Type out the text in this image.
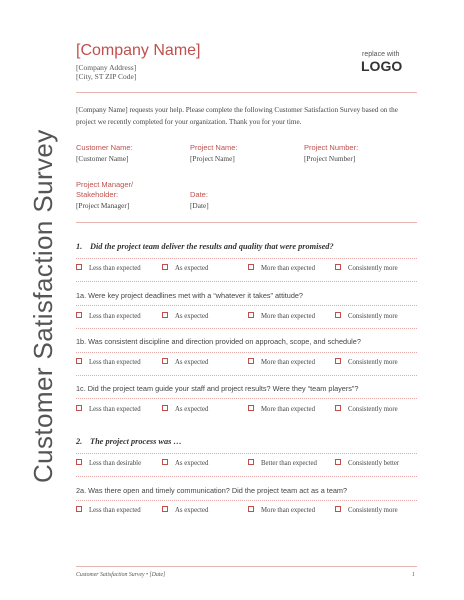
Customer Satisfaction Survey
[Company Name]
[Company Address]
[City, ST ZIP Code]
replace with
LOGO
[Company Name] requests your help. Please complete the following Customer Satisfaction Survey based on the project we recently completed for your organization. Thank you for your time.
Customer Name:
[Customer Name]
Project Name:
[Project Name]
Project Number:
[Project Number]
Project Manager/
Stakeholder:
[Project Manager]
Date:
[Date]
1. Did the project team deliver the results and quality that were promised?
Less than expected	As expected	More than expected	Consistently more
1a. Were key project deadlines met with a “whatever it takes” attitude?
Less than expected	As expected	More than expected	Consistently more
1b. Was consistent discipline and direction provided on approach, scope, and schedule?
Less than expected	As expected	More than expected	Consistently more
1c. Did the project team guide your staff and project results? Were they “team players”?
Less than expected	As expected	More than expected	Consistently more
2. The project process was …
Less than desirable	As expected	Better than expected	Consistently better
2a. Was there open and timely communication? Did the project team act as a team?
Less than expected	As expected	More than expected	Consistently more
Customer Satisfaction Survey • [Date]	1
